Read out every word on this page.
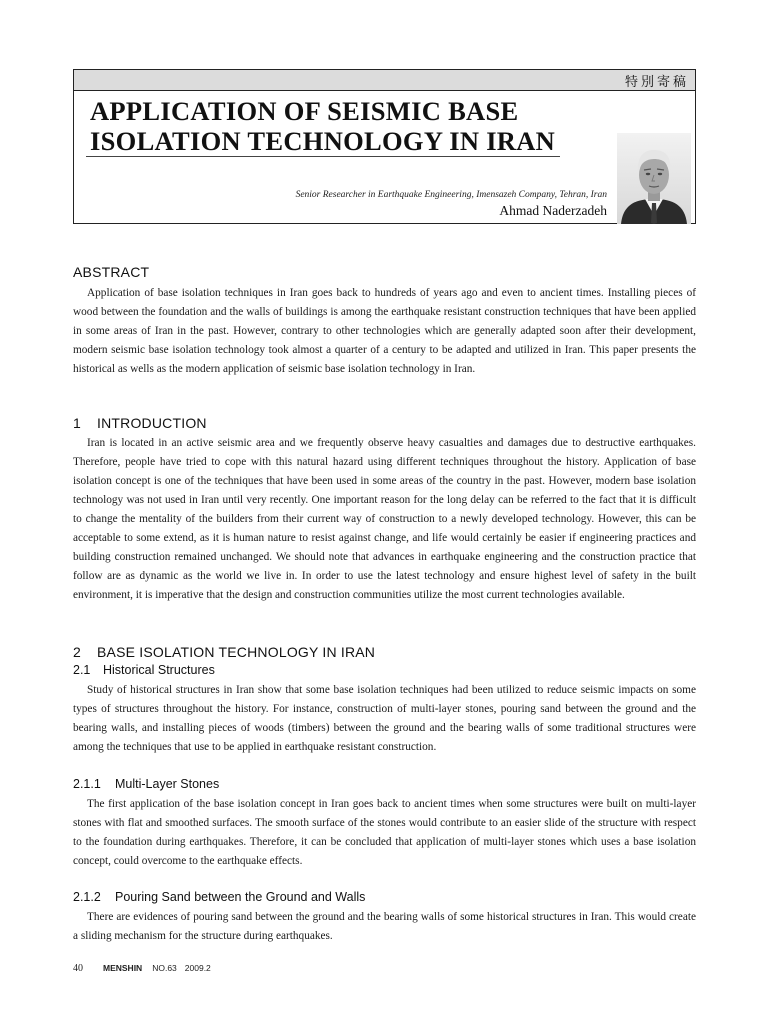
特別寄稿
APPLICATION OF SEISMIC BASE
ISOLATION TECHNOLOGY IN IRAN
Senior Researcher in Earthquake Engineering, Imensazeh Company, Tehran, Iran
Ahmad Naderzadeh
ABSTRACT

Application of base isolation techniques in Iran goes back to hundreds of years ago and even to ancient times. Installing pieces of wood between the foundation and the walls of buildings is among the earthquake resistant construction techniques that have been applied in some areas of Iran in the past. However, contrary to other technologies which are generally adapted soon after their development, modern seismic base isolation technology took almost a quarter of a century to be adapted and utilized in Iran. This paper presents the historical as wells as the modern application of seismic base isolation technology in Iran.

1 INTRODUCTION

Iran is located in an active seismic area and we frequently observe heavy casualties and damages due to destructive earthquakes. Therefore, people have tried to cope with this natural hazard using different techniques throughout the history. Application of base isolation concept is one of the techniques that have been used in some areas of the country in the past. However, modern base isolation technology was not used in Iran until very recently. One important reason for the long delay can be referred to the fact that it is difficult to change the mentality of the builders from their current way of construction to a newly developed technology. However, this can be acceptable to some extend, as it is human nature to resist against change, and life would certainly be easier if engineering practices and building construction remained unchanged. We should note that advances in earthquake engineering and the construction practice that follow are as dynamic as the world we live in. In order to use the latest technology and ensure highest level of safety in the built environment, it is imperative that the design and construction communities utilize the most current technologies available.

2 BASE ISOLATION TECHNOLOGY IN IRAN
2.1 Historical Structures

Study of historical structures in Iran show that some base isolation techniques had been utilized to reduce seismic impacts on some types of structures throughout the history. For instance, construction of multi-layer stones, pouring sand between the ground and the bearing walls, and installing pieces of woods (timbers) between the ground and the bearing walls of some traditional structures were among the techniques that use to be applied in earthquake resistant construction.

2.1.1 Multi-Layer Stones

The first application of the base isolation concept in Iran goes back to ancient times when some structures were built on multi-layer stones with flat and smoothed surfaces. The smooth surface of the stones would contribute to an easier slide of the structure with respect to the foundation during earthquakes. Therefore, it can be concluded that application of multi-layer stones which uses a base isolation concept, could overcome to the earthquake effects.

2.1.2 Pouring Sand between the Ground and Walls

There are evidences of pouring sand between the ground and the bearing walls of some historical structures in Iran. This would create a sliding mechanism for the structure during earthquakes.

40 MENSHIN NO.63 2009.2
